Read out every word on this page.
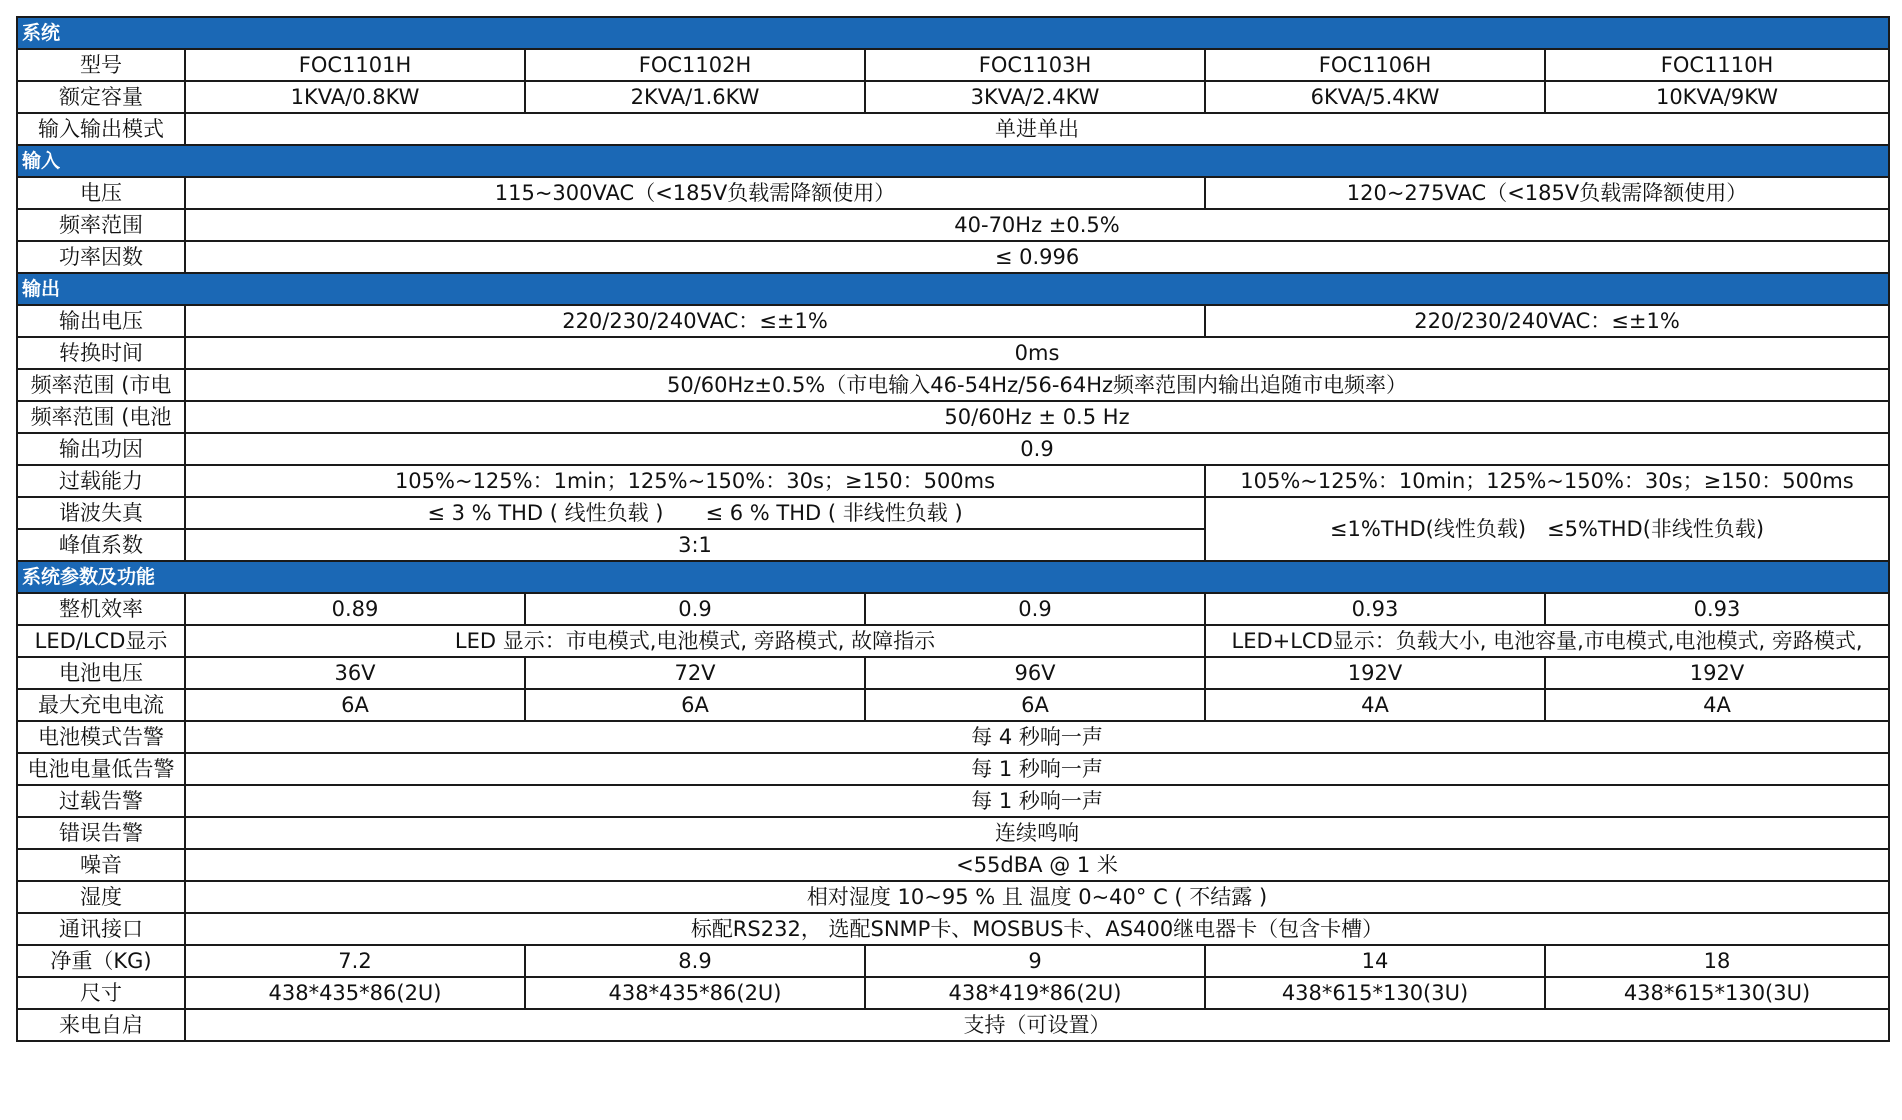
系统					
型号	FOC1101H	FOC1102H	FOC1103H	FOC1106H	FOC1110H
额定容量	1KVA/0.8KW	2KVA/1.6KW	3KVA/2.4KW	6KVA/5.4KW	10KVA/9KW
输入输出模式	单进单出				
输入					
电压	115~300VAC（<185V负载需降额使用）			120~275VAC（<185V负载需降额使用）	
频率范围	40-70Hz ±0.5%				
功率因数	≤ 0.996				
输出					
输出电压	220/230/240VAC：≤±1%			220/230/240VAC：≤±1%	
转换时间	0ms				
频率范围 (市电	50/60Hz±0.5%（市电输入46-54Hz/56-64Hz频率范围内输出追随市电频率）				
频率范围 (电池	50/60Hz ± 0.5 Hz				
输出功因	0.9				
过载能力	105%~125%：1min；125%~150%：30s；≥150：500ms			105%~125%：10min；125%~150%：30s；≥150：500ms	
谐波失真	≤ 3 % THD ( 线性负载 )　　≤ 6 % THD ( 非线性负载 )			≤1%THD(线性负载)　≤5%THD(非线性负载)	
峰值系数	3:1				
系统参数及功能					
整机效率	0.89	0.9	0.9	0.93	0.93
LED/LCD显示	LED 显示：市电模式,电池模式, 旁路模式, 故障指示			LED+LCD显示：负载大小, 电池容量,市电模式,电池模式, 旁路模式,	
电池电压	36V	72V	96V	192V	192V
最大充电电流	6A	6A	6A	4A	4A
电池模式告警	每 4 秒响一声				
电池电量低告警	每 1 秒响一声				
过载告警	每 1 秒响一声				
错误告警	连续鸣响				
噪音	<55dBA @ 1 米				
湿度	相对湿度 10~95 % 且 温度 0~40° C ( 不结露 )				
通讯接口	标配RS232， 选配SNMP卡、MOSBUS卡、AS400继电器卡（包含卡槽）				
净重（KG)	7.2	8.9	9	14	18
尺寸	438*435*86(2U)	438*435*86(2U)	438*419*86(2U)	438*615*130(3U)	438*615*130(3U)
来电自启	支持（可设置）				
